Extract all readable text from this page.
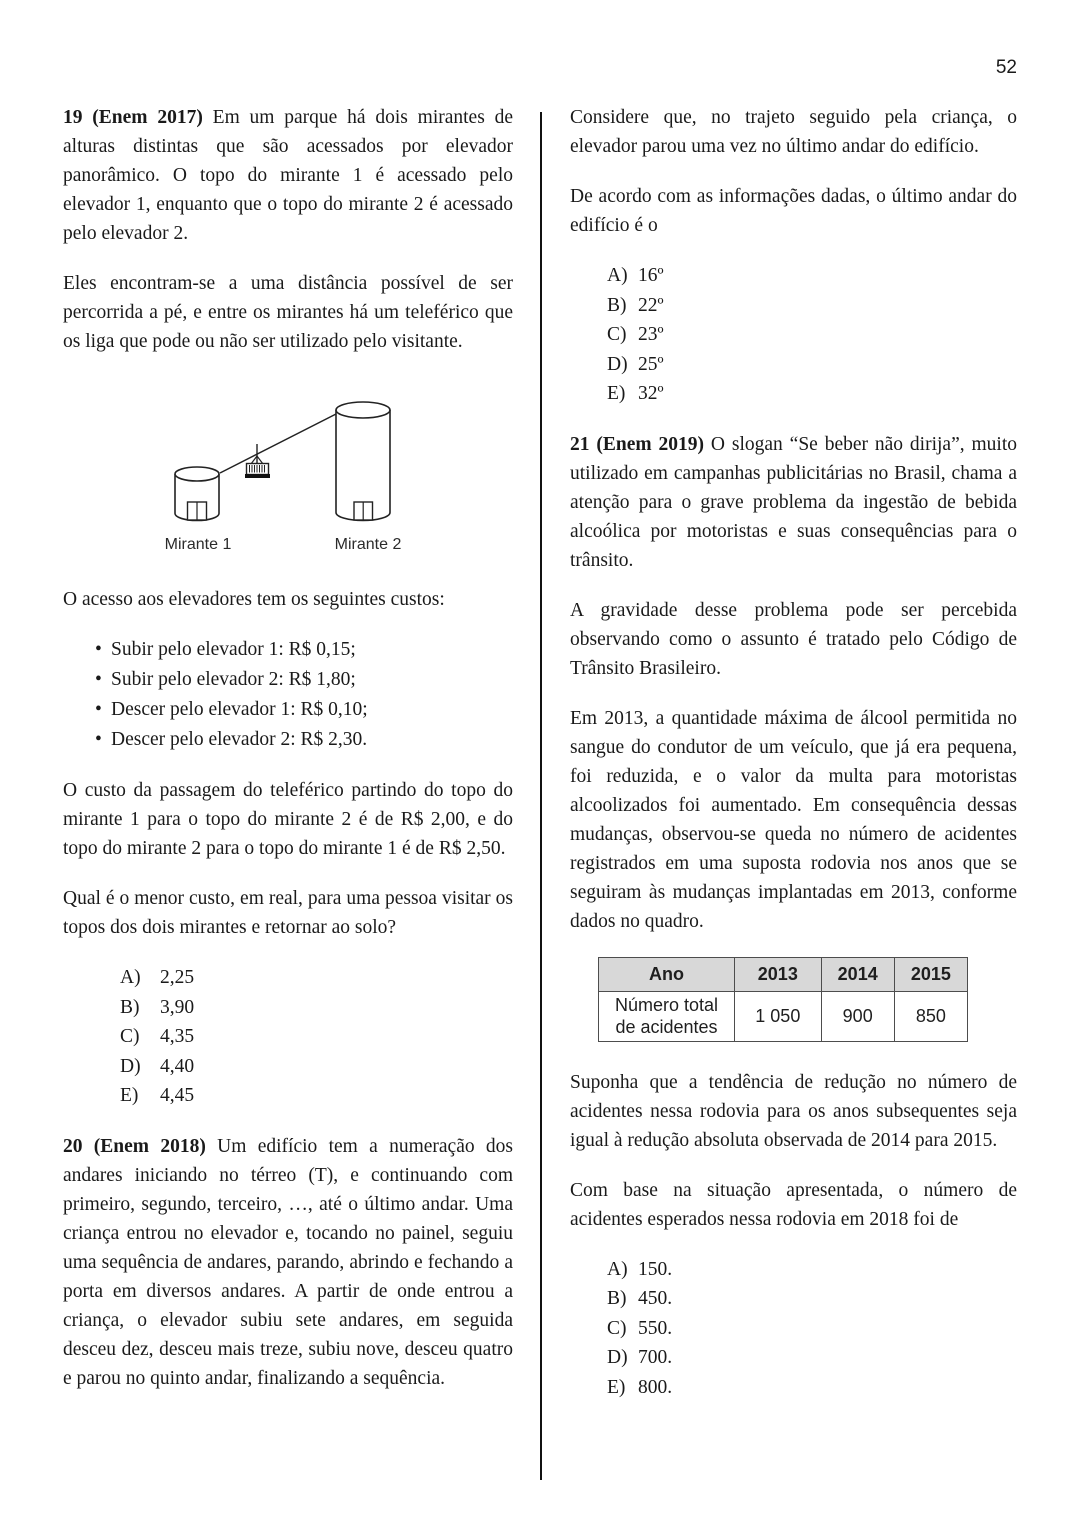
52

19 (Enem 2017) Em um parque há dois mirantes de alturas distintas que são acessados por elevador panorâmico. O topo do mirante 1 é acessado pelo elevador 1, enquanto que o topo do mirante 2 é acessado pelo elevador 2.

Eles encontram-se a uma distância possível de ser percorrida a pé, e entre os mirantes há um teleférico que os liga que pode ou não ser utilizado pelo visitante.

Mirante 1	Mirante 2

O acesso aos elevadores tem os seguintes custos:

• Subir pelo elevador 1: R$ 0,15;
• Subir pelo elevador 2: R$ 1,80;
• Descer pelo elevador 1: R$ 0,10;
• Descer pelo elevador 2: R$ 2,30.

O custo da passagem do teleférico partindo do topo do mirante 1 para o topo do mirante 2 é de R$ 2,00, e do topo do mirante 2 para o topo do mirante 1 é de R$ 2,50.

Qual é o menor custo, em real, para uma pessoa visitar os topos dos dois mirantes e retornar ao solo?

A) 2,25
B)	3,90
C)	4,35
D) 4,40
E)	4,45

20 (Enem 2018) Um edifício tem a numeração dos andares iniciando no térreo (T), e continuando com primeiro, segundo, terceiro, …, até o último andar. Uma criança entrou no elevador e, tocando no painel, seguiu uma sequência de andares, parando, abrindo e fechando a porta em diversos andares. A partir de onde entrou a criança, o elevador subiu sete andares, em seguida desceu dez, desceu mais treze, subiu nove, desceu quatro e parou no quinto andar, finalizando a sequência.

Considere que, no trajeto seguido pela criança, o elevador parou uma vez no último andar do edifício.

De acordo com as informações dadas, o último andar do edifício é o

A) 16º
B) 22º
C) 23º
D) 25º
E) 32º

21 (Enem 2019) O slogan “Se beber não dirija”, muito utilizado em campanhas publicitárias no Brasil, chama a atenção para o grave problema da ingestão de bebida alcoólica por motoristas e suas consequências para o trânsito.

A gravidade desse problema pode ser percebida observando como o assunto é tratado pelo Código de Trânsito Brasileiro.

Em 2013, a quantidade máxima de álcool permitida no sangue do condutor de um veículo, que já era pequena, foi reduzida, e o valor da multa para motoristas alcoolizados foi aumentado. Em consequência dessas mudanças, observou-se queda no número de acidentes registrados em uma suposta rodovia nos anos que se seguiram às mudanças implantadas em 2013, conforme dados no quadro.

Ano	2013	2014	2015
Número total de acidentes	1 050	900	850

Suponha que a tendência de redução no número de acidentes nessa rodovia para os anos subsequentes seja igual à redução absoluta observada de 2014 para 2015.

Com base na situação apresentada, o número de acidentes esperados nessa rodovia em 2018 foi de

A) 150.
B) 450.
C) 550.
D) 700.
E) 800.
